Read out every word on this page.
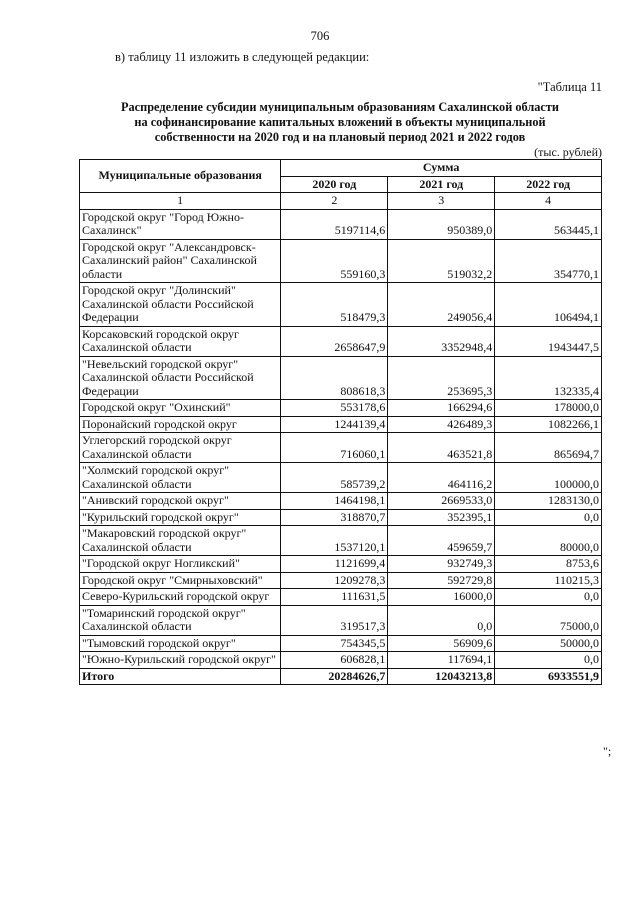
706
в) таблицу 11 изложить в следующей редакции:
"Таблица 11
Распределение субсидии муниципальным образованиям Сахалинской области
на софинансирование капитальных вложений в объекты муниципальной
собственности на 2020 год и на плановый период 2021 и 2022 годов
(тыс. рублей)
Муниципальные образования	Сумма		
	2020 год	2021 год	2022 год
1	2	3	4
Городской округ "Город Южно-Сахалинск"	5197114,6	950389,0	563445,1
Городской округ "Александровск-Сахалинский район" Сахалинской области	559160,3	519032,2	354770,1
Городской округ "Долинский" Сахалинской области Российской Федерации	518479,3	249056,4	106494,1
Корсаковский городской округ Сахалинской области	2658647,9	3352948,4	1943447,5
"Невельский городской округ" Сахалинской области Российской Федерации	808618,3	253695,3	132335,4
Городской округ "Охинский"	553178,6	166294,6	178000,0
Поронайский городской округ	1244139,4	426489,3	1082266,1
Углегорский городской округ Сахалинской области	716060,1	463521,8	865694,7
"Холмский городской округ" Сахалинской области	585739,2	464116,2	100000,0
"Анивский городской округ"	1464198,1	2669533,0	1283130,0
"Курильский городской округ"	318870,7	352395,1	0,0
"Макаровский городской округ" Сахалинской области	1537120,1	459659,7	80000,0
"Городской округ Ногликский"	1121699,4	932749,3	8753,6
Городской округ "Смирныховский"	1209278,3	592729,8	110215,3
Северо-Курильский городской округ	111631,5	16000,0	0,0
"Томаринский городской округ" Сахалинской области	319517,3	0,0	75000,0
"Тымовский городской округ"	754345,5	56909,6	50000,0
"Южно-Курильский городской округ"	606828,1	117694,1	0,0
Итого	20284626,7	12043213,8	6933551,9
";
